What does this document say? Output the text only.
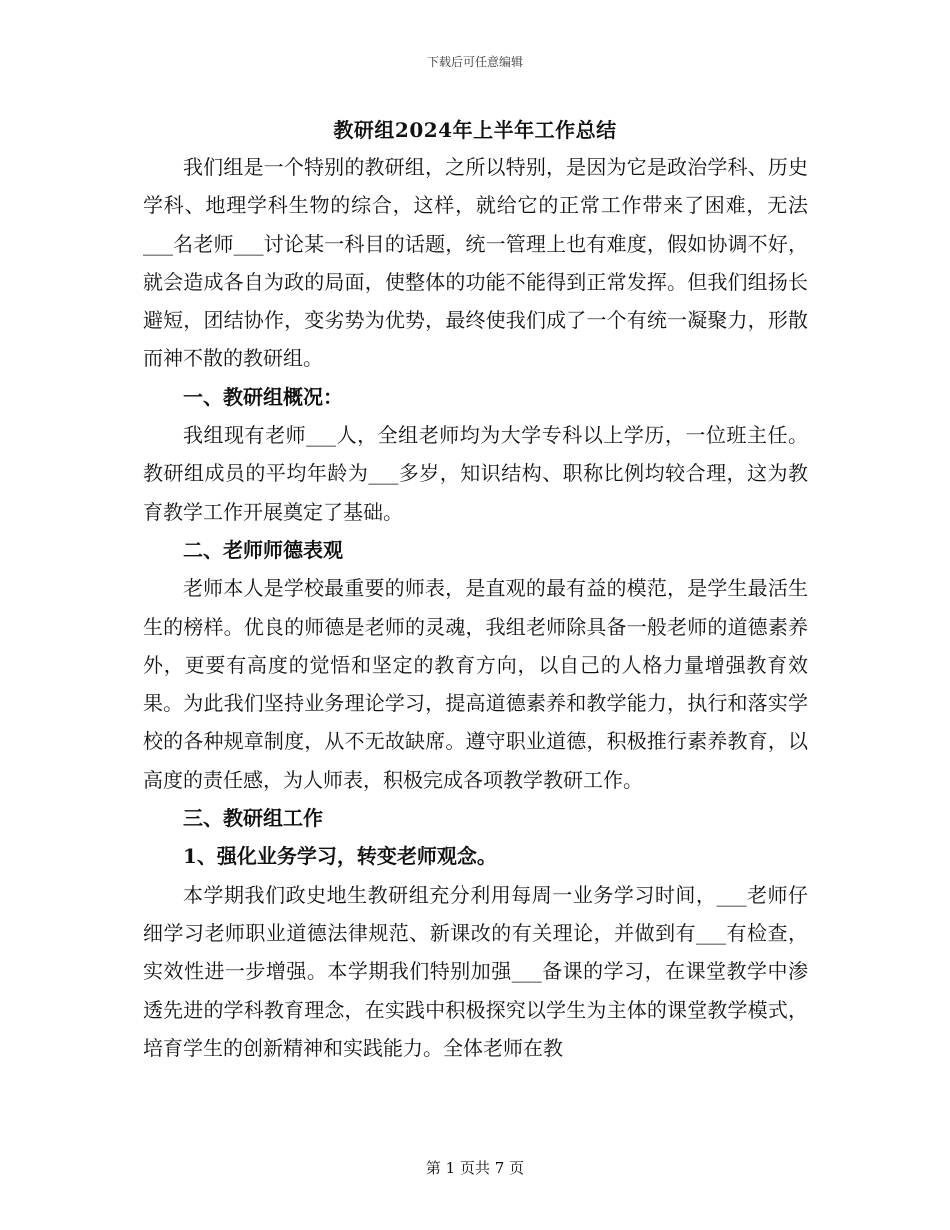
下载后可任意编辑
教研组2024年上半年工作总结

我们组是一个特别的教研组，之所以特别，是因为它是政治学科、历史学科、地理学科生物的综合，这样，就给它的正常工作带来了困难，无法___名老师___讨论某一科目的话题，统一管理上也有难度，假如协调不好，就会造成各自为政的局面，使整体的功能不能得到正常发挥。但我们组扬长避短，团结协作，变劣势为优势，最终使我们成了一个有统一凝聚力，形散而神不散的教研组。

一、教研组概况：

我组现有老师___人，全组老师均为大学专科以上学历，一位班主任。教研组成员的平均年龄为___多岁，知识结构、职称比例均较合理，这为教育教学工作开展奠定了基础。

二、老师师德表观

老师本人是学校最重要的师表，是直观的最有益的模范，是学生最活生生的榜样。优良的师德是老师的灵魂，我组老师除具备一般老师的道德素养外，更要有高度的觉悟和坚定的教育方向，以自己的人格力量增强教育效果。为此我们坚持业务理论学习，提高道德素养和教学能力，执行和落实学校的各种规章制度，从不无故缺席。遵守职业道德，积极推行素养教育，以高度的责任感，为人师表，积极完成各项教学教研工作。

三、教研组工作
1、强化业务学习，转变老师观念。

本学期我们政史地生教研组充分利用每周一业务学习时间，___老师仔细学习老师职业道德法律规范、新课改的有关理论，并做到有___有检查，实效性进一步增强。本学期我们特别加强___备课的学习，在课堂教学中渗透先进的学科教育理念，在实践中积极探究以学生为主体的课堂教学模式，培育学生的创新精神和实践能力。全体老师在教

第 1 页共 7 页
